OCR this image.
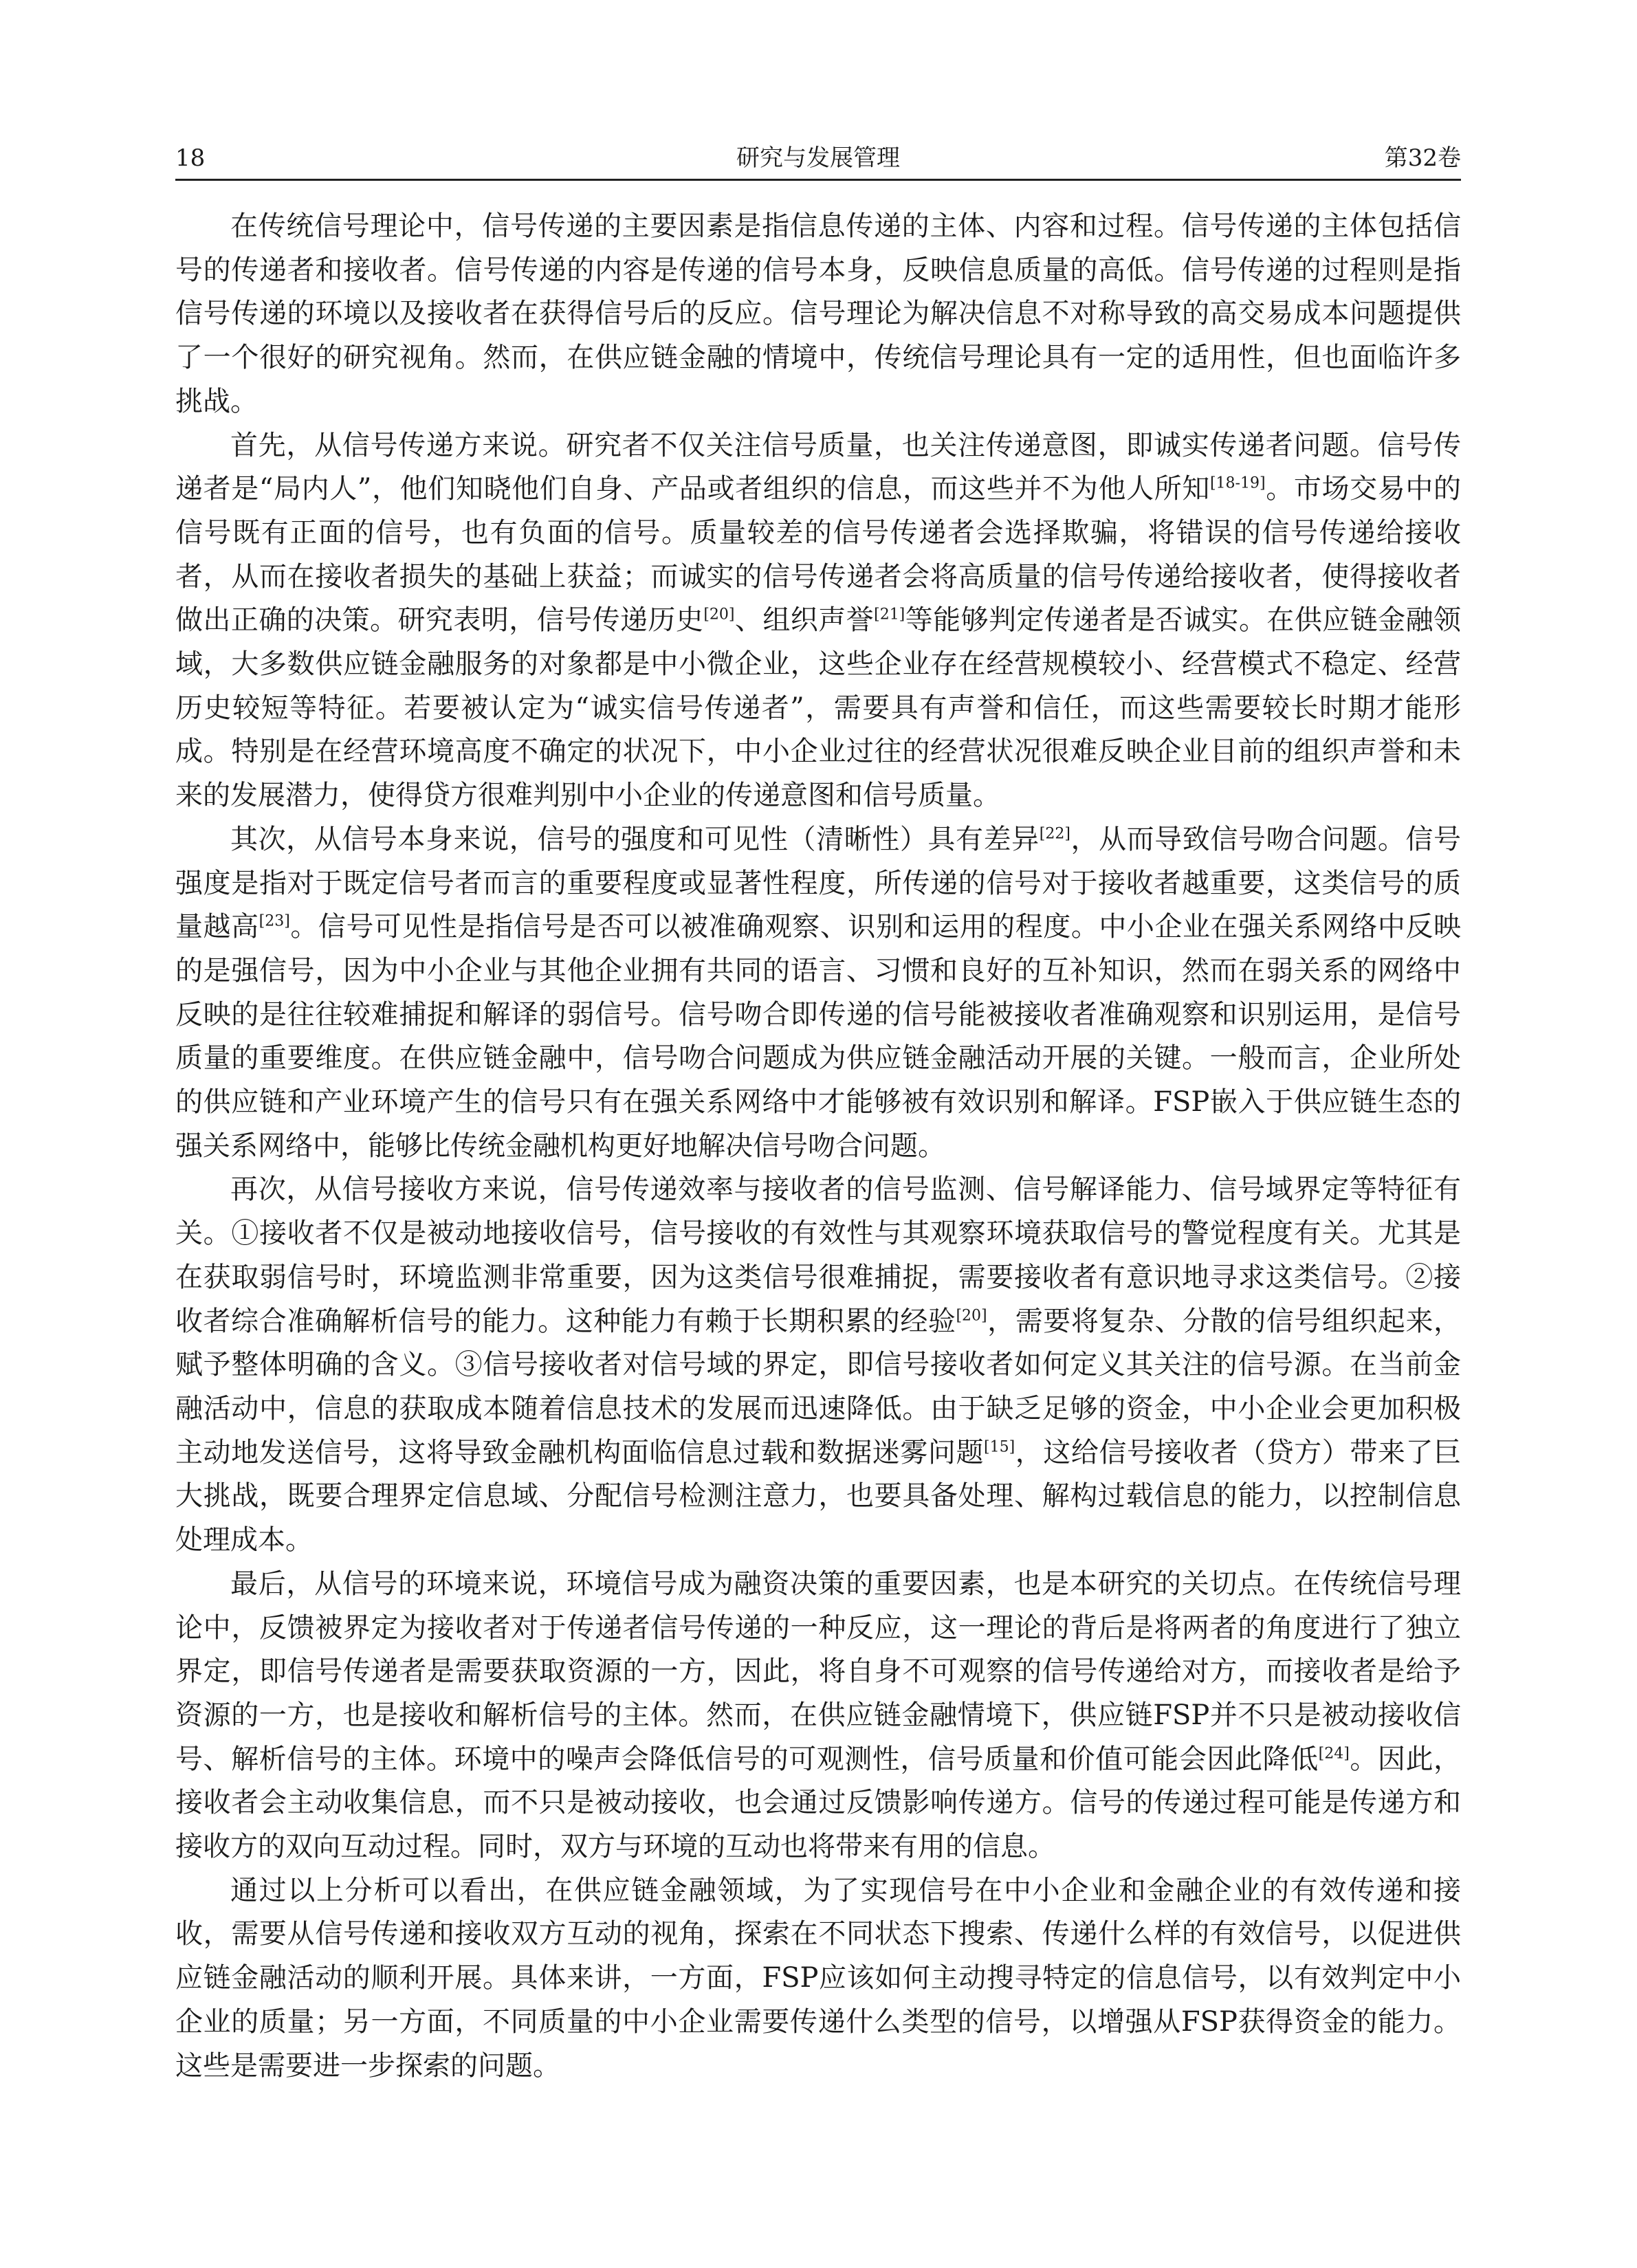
18	研究与发展管理	第32卷

在传统信号理论中，信号传递的主要因素是指信息传递的主体、内容和过程。信号传递的主体包括信号的传递者和接收者。信号传递的内容是传递的信号本身，反映信息质量的高低。信号传递的过程则是指信号传递的环境以及接收者在获得信号后的反应。信号理论为解决信息不对称导致的高交易成本问题提供了一个很好的研究视角。然而，在供应链金融的情境中，传统信号理论具有一定的适用性，但也面临许多挑战。

首先，从信号传递方来说。研究者不仅关注信号质量，也关注传递意图，即诚实传递者问题。信号传递者是“局内人”，他们知晓他们自身、产品或者组织的信息，而这些并不为他人所知[18-19]。市场交易中的信号既有正面的信号，也有负面的信号。质量较差的信号传递者会选择欺骗，将错误的信号传递给接收者，从而在接收者损失的基础上获益；而诚实的信号传递者会将高质量的信号传递给接收者，使得接收者做出正确的决策。研究表明，信号传递历史[20]、组织声誉[21]等能够判定传递者是否诚实。在供应链金融领域，大多数供应链金融服务的对象都是中小微企业，这些企业存在经营规模较小、经营模式不稳定、经营历史较短等特征。若要被认定为“诚实信号传递者”，需要具有声誉和信任，而这些需要较长时期才能形成。特别是在经营环境高度不确定的状况下，中小企业过往的经营状况很难反映企业目前的组织声誉和未来的发展潜力，使得贷方很难判别中小企业的传递意图和信号质量。

其次，从信号本身来说，信号的强度和可见性（清晰性）具有差异[22]，从而导致信号吻合问题。信号强度是指对于既定信号者而言的重要程度或显著性程度，所传递的信号对于接收者越重要，这类信号的质量越高[23]。信号可见性是指信号是否可以被准确观察、识别和运用的程度。中小企业在强关系网络中反映的是强信号，因为中小企业与其他企业拥有共同的语言、习惯和良好的互补知识，然而在弱关系的网络中反映的是往往较难捕捉和解译的弱信号。信号吻合即传递的信号能被接收者准确观察和识别运用，是信号质量的重要维度。在供应链金融中，信号吻合问题成为供应链金融活动开展的关键。一般而言，企业所处的供应链和产业环境产生的信号只有在强关系网络中才能够被有效识别和解译。FSP嵌入于供应链生态的强关系网络中，能够比传统金融机构更好地解决信号吻合问题。

再次，从信号接收方来说，信号传递效率与接收者的信号监测、信号解译能力、信号域界定等特征有关。①接收者不仅是被动地接收信号，信号接收的有效性与其观察环境获取信号的警觉程度有关。尤其是在获取弱信号时，环境监测非常重要，因为这类信号很难捕捉，需要接收者有意识地寻求这类信号。②接收者综合准确解析信号的能力。这种能力有赖于长期积累的经验[20]，需要将复杂、分散的信号组织起来，赋予整体明确的含义。③信号接收者对信号域的界定，即信号接收者如何定义其关注的信号源。在当前金融活动中，信息的获取成本随着信息技术的发展而迅速降低。由于缺乏足够的资金，中小企业会更加积极主动地发送信号，这将导致金融机构面临信息过载和数据迷雾问题[15]，这给信号接收者（贷方）带来了巨大挑战，既要合理界定信息域、分配信号检测注意力，也要具备处理、解构过载信息的能力，以控制信息处理成本。

最后，从信号的环境来说，环境信号成为融资决策的重要因素，也是本研究的关切点。在传统信号理论中，反馈被界定为接收者对于传递者信号传递的一种反应，这一理论的背后是将两者的角度进行了独立界定，即信号传递者是需要获取资源的一方，因此，将自身不可观察的信号传递给对方，而接收者是给予资源的一方，也是接收和解析信号的主体。然而，在供应链金融情境下，供应链FSP并不只是被动接收信号、解析信号的主体。环境中的噪声会降低信号的可观测性，信号质量和价值可能会因此降低[24]。因此，接收者会主动收集信息，而不只是被动接收，也会通过反馈影响传递方。信号的传递过程可能是传递方和接收方的双向互动过程。同时，双方与环境的互动也将带来有用的信息。

通过以上分析可以看出，在供应链金融领域，为了实现信号在中小企业和金融企业的有效传递和接收，需要从信号传递和接收双方互动的视角，探索在不同状态下搜索、传递什么样的有效信号，以促进供应链金融活动的顺利开展。具体来讲，一方面，FSP应该如何主动搜寻特定的信息信号，以有效判定中小企业的质量；另一方面，不同质量的中小企业需要传递什么类型的信号，以增强从FSP获得资金的能力。这些是需要进一步探索的问题。
